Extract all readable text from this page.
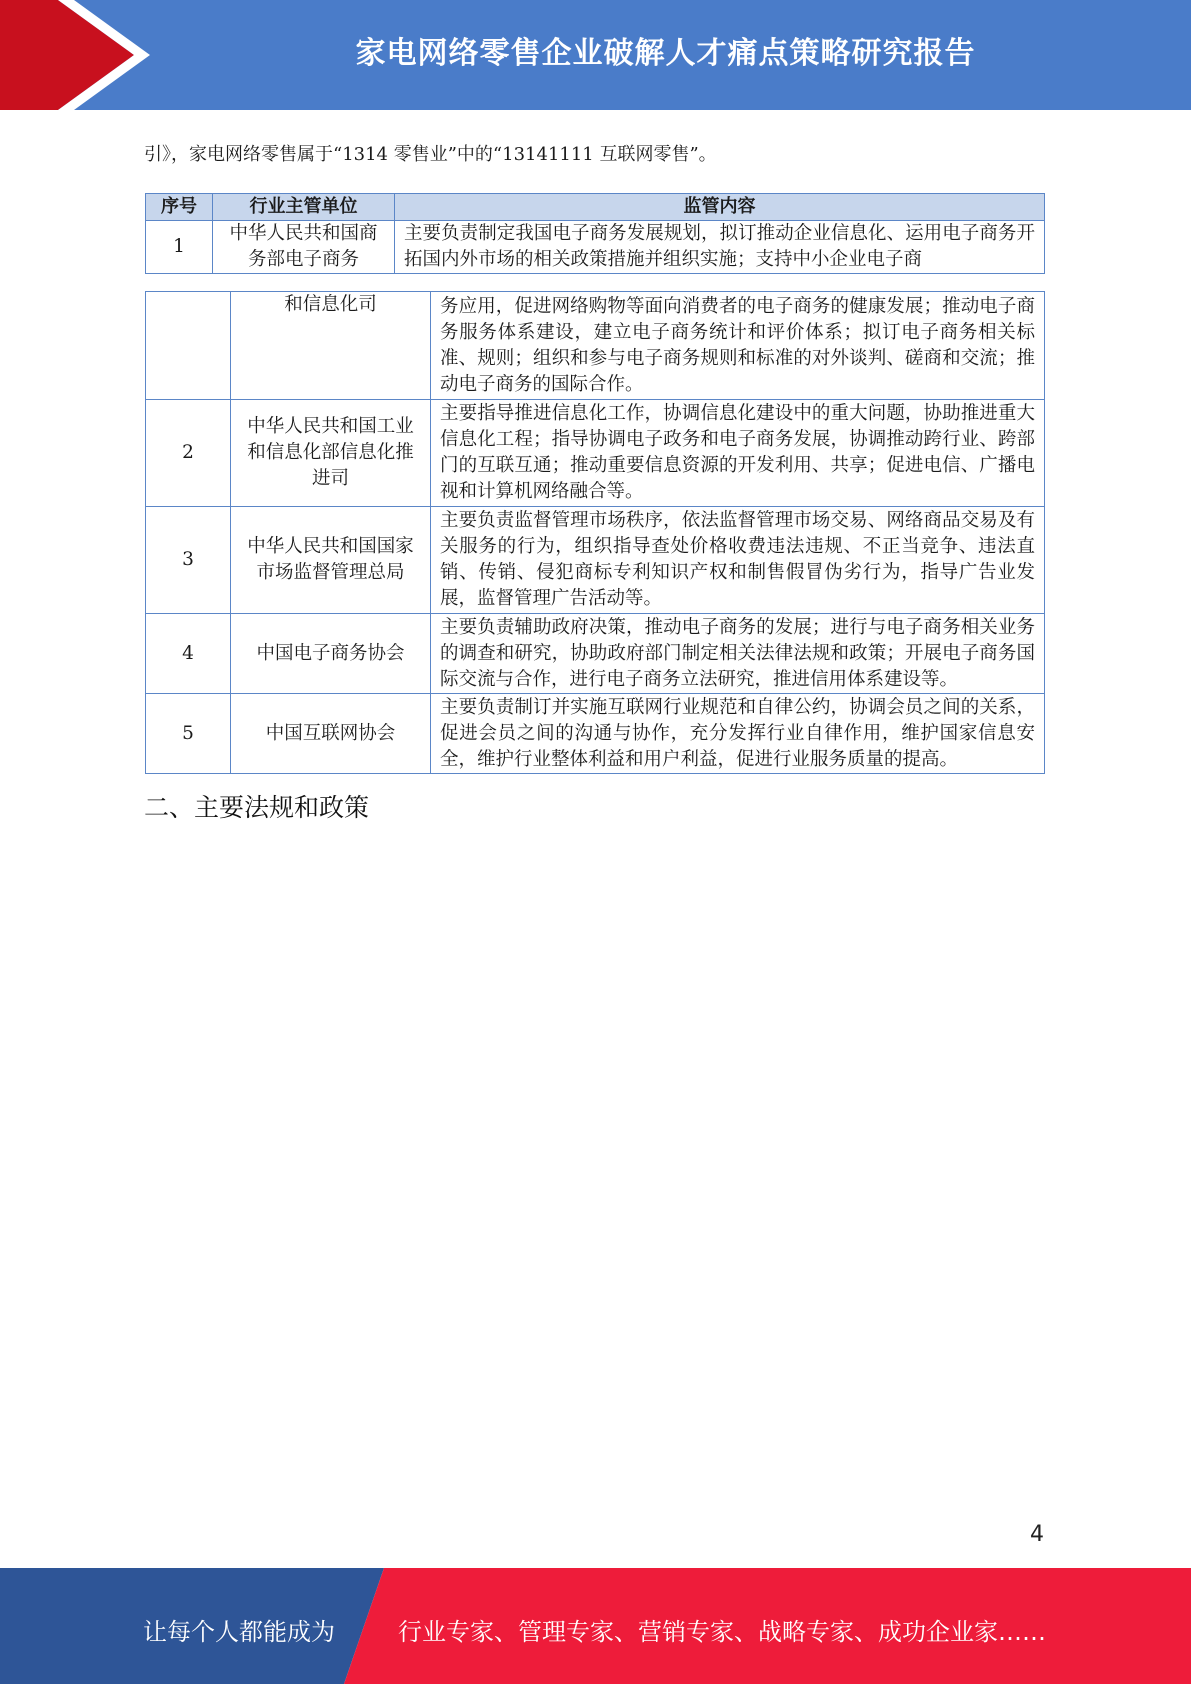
家电网络零售企业破解人才痛点策略研究报告
引》，家电网络零售属于“1314 零售业”中的“13141111 互联网零售”。
序号	行业主管单位	监管内容
1	中华人民共和国商务部电子商务	主要负责制定我国电子商务发展规划，拟订推动企业信息化、运用电子商务开拓国内外市场的相关政策措施并组织实施；支持中小企业电子商
	和信息化司	务应用，促进网络购物等面向消费者的电子商务的健康发展；推动电子商务服务体系建设，建立电子商务统计和评价体系；拟订电子商务相关标准、规则；组织和参与电子商务规则和标准的对外谈判、磋商和交流；推动电子商务的国际合作。
2	中华人民共和国工业和信息化部信息化推进司	主要指导推进信息化工作，协调信息化建设中的重大问题，协助推进重大信息化工程；指导协调电子政务和电子商务发展，协调推动跨行业、跨部门的互联互通；推动重要信息资源的开发利用、共享；促进电信、广播电视和计算机网络融合等。
3	中华人民共和国国家市场监督管理总局	主要负责监督管理市场秩序，依法监督管理市场交易、网络商品交易及有关服务的行为，组织指导查处价格收费违法违规、不正当竞争、违法直销、传销、侵犯商标专利知识产权和制售假冒伪劣行为，指导广告业发展，监督管理广告活动等。
4	中国电子商务协会	主要负责辅助政府决策，推动电子商务的发展；进行与电子商务相关业务的调查和研究，协助政府部门制定相关法律法规和政策；开展电子商务国际交流与合作，进行电子商务立法研究，推进信用体系建设等。
5	中国互联网协会	主要负责制订并实施互联网行业规范和自律公约，协调会员之间的关系，促进会员之间的沟通与协作，充分发挥行业自律作用，维护国家信息安全，维护行业整体利益和用户利益，促进行业服务质量的提高。
二、主要法规和政策
4
让每个人都能成为	行业专家、管理专家、营销专家、战略专家、成功企业家……
